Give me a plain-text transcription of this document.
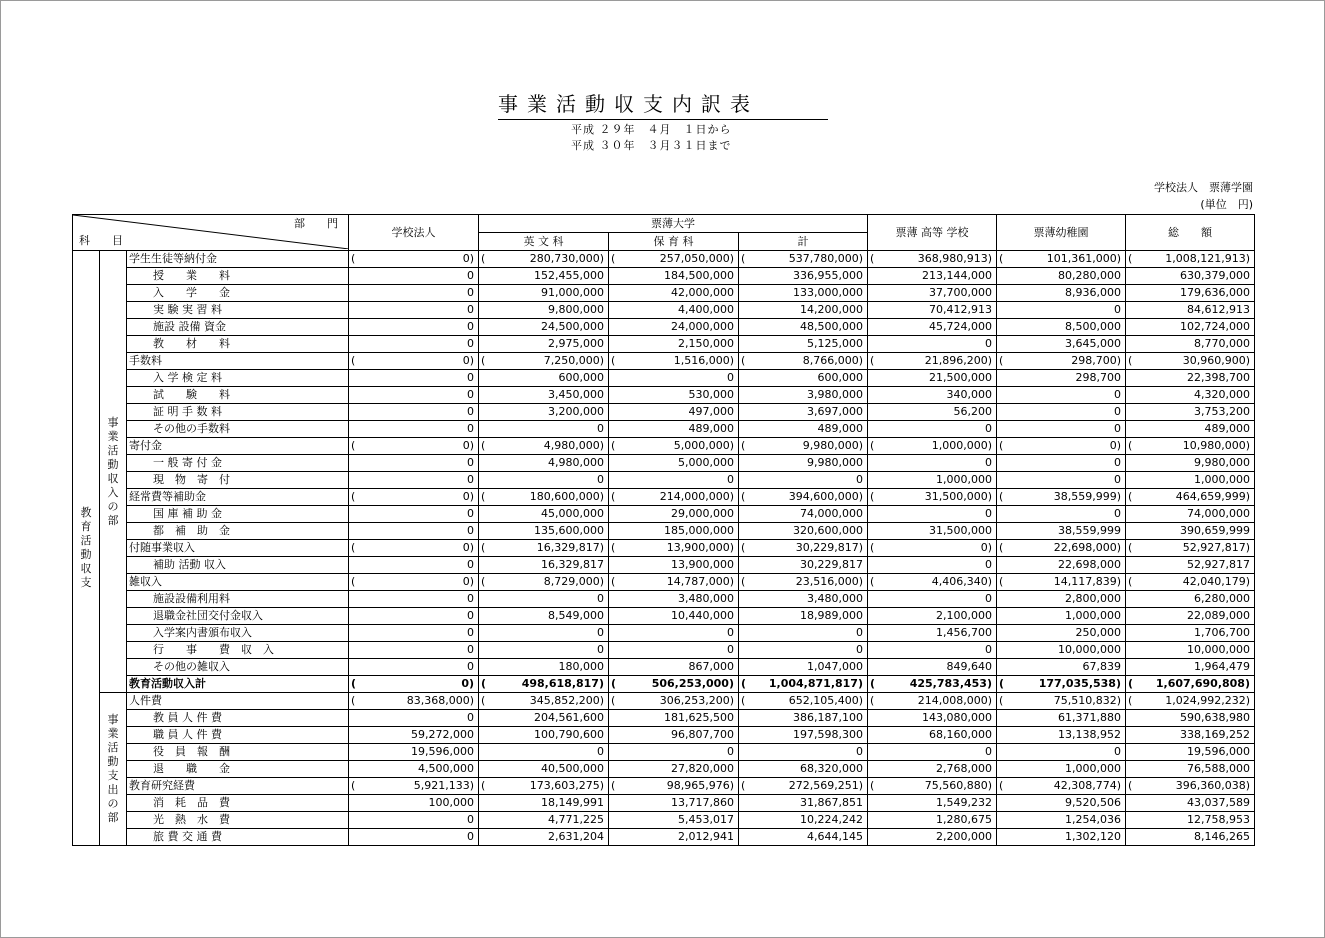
事業活動収支内訳表
平成 ２９年　４月　１日から
平成 ３０年　３月３１日まで
学校法人　票薄学園
(単位　円)
部　　門
科　　目			学校法人	票薄大学			票薄 高等 学校	票薄幼稚園	総　　額
				英 文 科	保 育 科	計			
教育活動収支	事業活動収入の部	学生生徒等納付金	( 0)	( 280,730,000)	( 257,050,000)	( 537,780,000)	( 368,980,913)	( 101,361,000)	( 1,008,121,913)
		授　　業　　料	0	152,455,000	184,500,000	336,955,000	213,144,000	80,280,000	630,379,000
		入　　学　　金	0	91,000,000	42,000,000	133,000,000	37,700,000	8,936,000	179,636,000
		実 験 実 習 料	0	9,800,000	4,400,000	14,200,000	70,412,913	0	84,612,913
		施設 設備 資金	0	24,500,000	24,000,000	48,500,000	45,724,000	8,500,000	102,724,000
		教　　材　　料	0	2,975,000	2,150,000	5,125,000	0	3,645,000	8,770,000
		手数料	( 0)	( 7,250,000)	( 1,516,000)	( 8,766,000)	( 21,896,200)	( 298,700)	( 30,960,900)
		入 学 検 定 料	0	600,000	0	600,000	21,500,000	298,700	22,398,700
		試　　験　　料	0	3,450,000	530,000	3,980,000	340,000	0	4,320,000
		証 明 手 数 料	0	3,200,000	497,000	3,697,000	56,200	0	3,753,200
		その他の手数料	0	0	489,000	489,000	0	0	489,000
		寄付金	( 0)	( 4,980,000)	( 5,000,000)	( 9,980,000)	( 1,000,000)	( 0)	( 10,980,000)
		一 般 寄 付 金	0	4,980,000	5,000,000	9,980,000	0	0	9,980,000
		現　物　寄　付	0	0	0	0	1,000,000	0	1,000,000
		経常費等補助金	( 0)	( 180,600,000)	( 214,000,000)	( 394,600,000)	( 31,500,000)	( 38,559,999)	( 464,659,999)
		国 庫 補 助 金	0	45,000,000	29,000,000	74,000,000	0	0	74,000,000
		都　補　助　金	0	135,600,000	185,000,000	320,600,000	31,500,000	38,559,999	390,659,999
		付随事業収入	( 0)	( 16,329,817)	( 13,900,000)	( 30,229,817)	( 0)	( 22,698,000)	( 52,927,817)
		補助 活動 収入	0	16,329,817	13,900,000	30,229,817	0	22,698,000	52,927,817
		雑収入	( 0)	( 8,729,000)	( 14,787,000)	( 23,516,000)	( 4,406,340)	( 14,117,839)	( 42,040,179)
		施設設備利用料	0	0	3,480,000	3,480,000	0	2,800,000	6,280,000
		退職金社団交付金収入	0	8,549,000	10,440,000	18,989,000	2,100,000	1,000,000	22,089,000
		入学案内書頒布収入	0	0	0	0	1,456,700	250,000	1,706,700
		行　　事　　費　収　入	0	0	0	0	0	10,000,000	10,000,000
		その他の雑収入	0	180,000	867,000	1,047,000	849,640	67,839	1,964,479
		教育活動収入計	( 0)	( 498,618,817)	( 506,253,000)	( 1,004,871,817)	( 425,783,453)	( 177,035,538)	( 1,607,690,808)
	事業活動支出の部	人件費	( 83,368,000)	( 345,852,200)	( 306,253,200)	( 652,105,400)	( 214,008,000)	( 75,510,832)	( 1,024,992,232)
		教 員 人 件 費	0	204,561,600	181,625,500	386,187,100	143,080,000	61,371,880	590,638,980
		職 員 人 件 費	59,272,000	100,790,600	96,807,700	197,598,300	68,160,000	13,138,952	338,169,252
		役　員　報　酬	19,596,000	0	0	0	0	0	19,596,000
		退　　職　　金	4,500,000	40,500,000	27,820,000	68,320,000	2,768,000	1,000,000	76,588,000
		教育研究経費	( 5,921,133)	( 173,603,275)	( 98,965,976)	( 272,569,251)	( 75,560,880)	( 42,308,774)	( 396,360,038)
		消　耗　品　費	100,000	18,149,991	13,717,860	31,867,851	1,549,232	9,520,506	43,037,589
		光　熱　水　費	0	4,771,225	5,453,017	10,224,242	1,280,675	1,254,036	12,758,953
		旅 費 交 通 費	0	2,631,204	2,012,941	4,644,145	2,200,000	1,302,120	8,146,265
